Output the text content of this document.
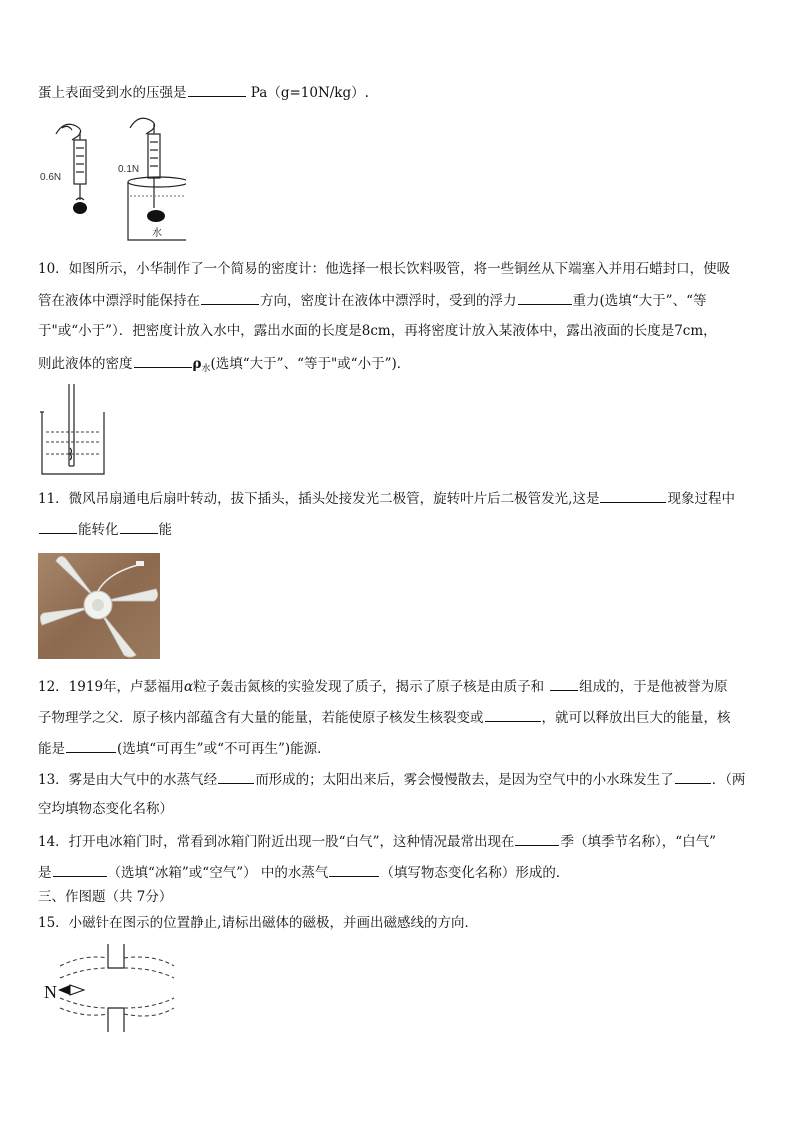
蛋上表面受到水的压强是	Pa（g=10N/kg）.
0.6N
0.1N
水
10．如图所示，小华制作了一个简易的密度计：他选择一根长饮料吸管，将一些铜丝从下端塞入并用石蜡封口，使吸
管在液体中漂浮时能保持在	方向，密度计在液体中漂浮时，受到的浮力	重力(选填“大于”、“等
于"或“小于”）．把密度计放入水中，露出水面的长度是8cm，再将密度计放入某液体中，露出液面的长度是7cm，
则此液体的密度	$\rho_水$(选填“大于”、“等于"或“小于”)．
11．微风吊扇通电后扇叶转动，拔下插头，插头处接发光二极管，旋转叶片后二极管发光,这是	现象过程中
能转化	能
12．1919年，卢瑟福用α粒子轰击氮核的实验发现了质子，揭示了原子核是由质子和	组成的，于是他被誉为原
子物理学之父．原子核内部蕴含有大量的能量，若能使原子核发生核裂变或	，就可以释放出巨大的能量，核
能是	(选填“可再生”或“不可再生”)能源．
13．雾是由大气中的水蒸气经	而形成的；太阳出来后，雾会慢慢散去，是因为空气中的小水珠发生了	．（两
空均填物态变化名称）
14．打开电冰箱门时，常看到冰箱门附近出现一股“白气”，这种情况最常出现在	季（填季节名称），“白气”
是	（选填“冰箱”或“空气”） 中的水蒸气	（填写物态变化名称）形成的．
三、作图题（共 7分）
15．小磁针在图示的位置静止,请标出磁体的磁极，并画出磁感线的方向．
N
